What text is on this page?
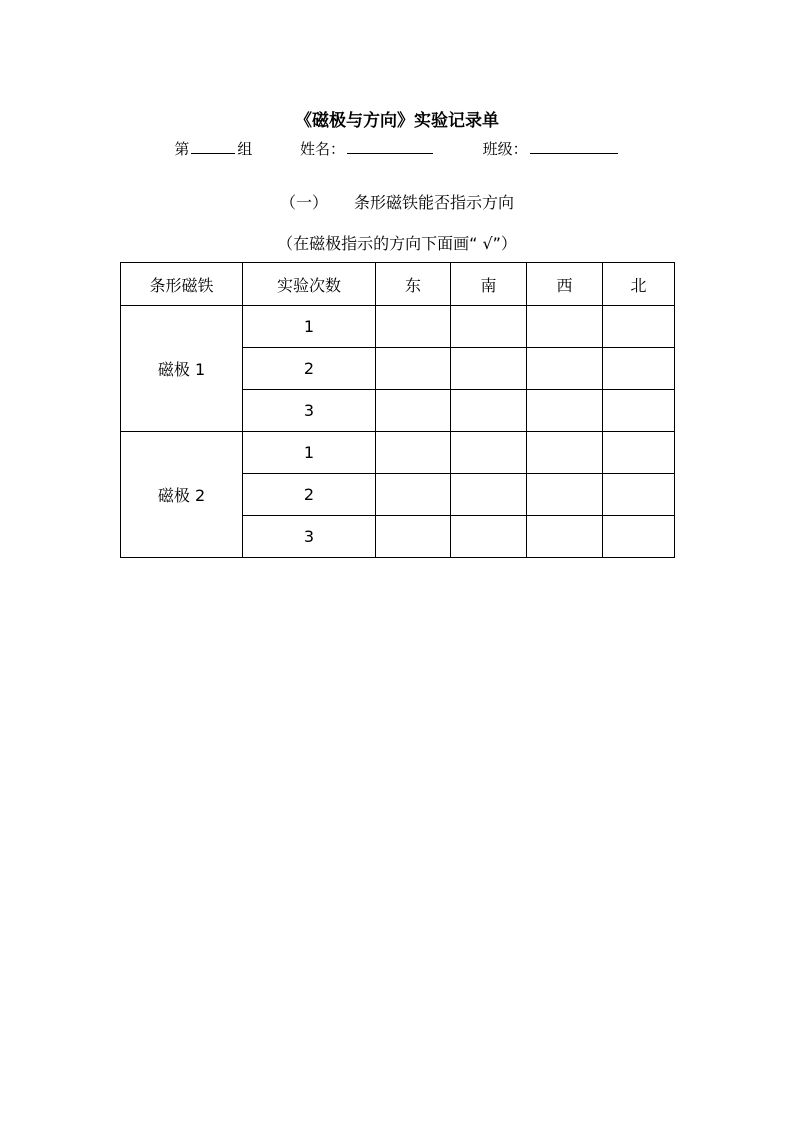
《磁极与方向》实验记录单
第	组	姓名：	班级：
（一） 条形磁铁能否指示方向
（在磁极指示的方向下面画“ √”）
条形磁铁	实验次数	东	南	西	北
磁极 1	1				
	2				
	3				
磁极 2	1				
	2				
	3				
